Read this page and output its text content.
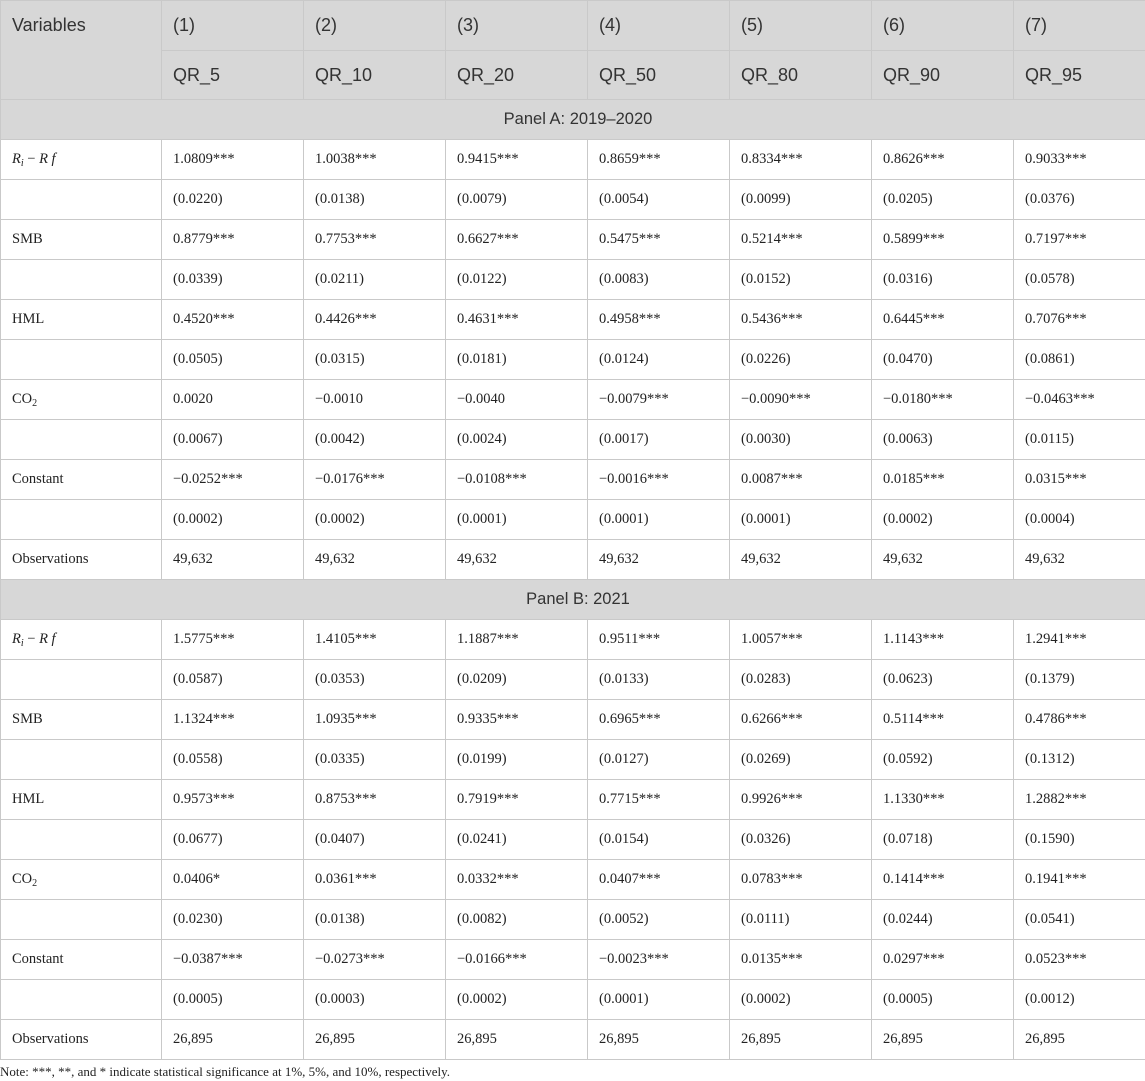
Variables	(1)	(2)	(3)	(4)	(5)	(6)	(7)
	QR_5	QR_10	QR_20	QR_50	QR_80	QR_90	QR_95
Panel A: 2019–2020							
$R_i - R$ f	1.0809***	1.0038***	0.9415***	0.8659***	0.8334***	0.8626***	0.9033***
	(0.0220)	(0.0138)	(0.0079)	(0.0054)	(0.0099)	(0.0205)	(0.0376)
SMB	0.8779***	0.7753***	0.6627***	0.5475***	0.5214***	0.5899***	0.7197***
	(0.0339)	(0.0211)	(0.0122)	(0.0083)	(0.0152)	(0.0316)	(0.0578)
HML	0.4520***	0.4426***	0.4631***	0.4958***	0.5436***	0.6445***	0.7076***
	(0.0505)	(0.0315)	(0.0181)	(0.0124)	(0.0226)	(0.0470)	(0.0861)
$CO_2$	0.0020	−0.0010	−0.0040	−0.0079***	−0.0090***	−0.0180***	−0.0463***
	(0.0067)	(0.0042)	(0.0024)	(0.0017)	(0.0030)	(0.0063)	(0.0115)
Constant	−0.0252***	−0.0176***	−0.0108***	−0.0016***	0.0087***	0.0185***	0.0315***
	(0.0002)	(0.0002)	(0.0001)	(0.0001)	(0.0001)	(0.0002)	(0.0004)
Observations	49,632	49,632	49,632	49,632	49,632	49,632	49,632
Panel B: 2021							
$R_i - R$ f	1.5775***	1.4105***	1.1887***	0.9511***	1.0057***	1.1143***	1.2941***
	(0.0587)	(0.0353)	(0.0209)	(0.0133)	(0.0283)	(0.0623)	(0.1379)
SMB	1.1324***	1.0935***	0.9335***	0.6965***	0.6266***	0.5114***	0.4786***
	(0.0558)	(0.0335)	(0.0199)	(0.0127)	(0.0269)	(0.0592)	(0.1312)
HML	0.9573***	0.8753***	0.7919***	0.7715***	0.9926***	1.1330***	1.2882***
	(0.0677)	(0.0407)	(0.0241)	(0.0154)	(0.0326)	(0.0718)	(0.1590)
$CO_2$	0.0406*	0.0361***	0.0332***	0.0407***	0.0783***	0.1414***	0.1941***
	(0.0230)	(0.0138)	(0.0082)	(0.0052)	(0.0111)	(0.0244)	(0.0541)
Constant	−0.0387***	−0.0273***	−0.0166***	−0.0023***	0.0135***	0.0297***	0.0523***
	(0.0005)	(0.0003)	(0.0002)	(0.0001)	(0.0002)	(0.0005)	(0.0012)
Observations	26,895	26,895	26,895	26,895	26,895	26,895	26,895
Note: ***, **, and * indicate statistical significance at 1%, 5%, and 10%, respectively.
